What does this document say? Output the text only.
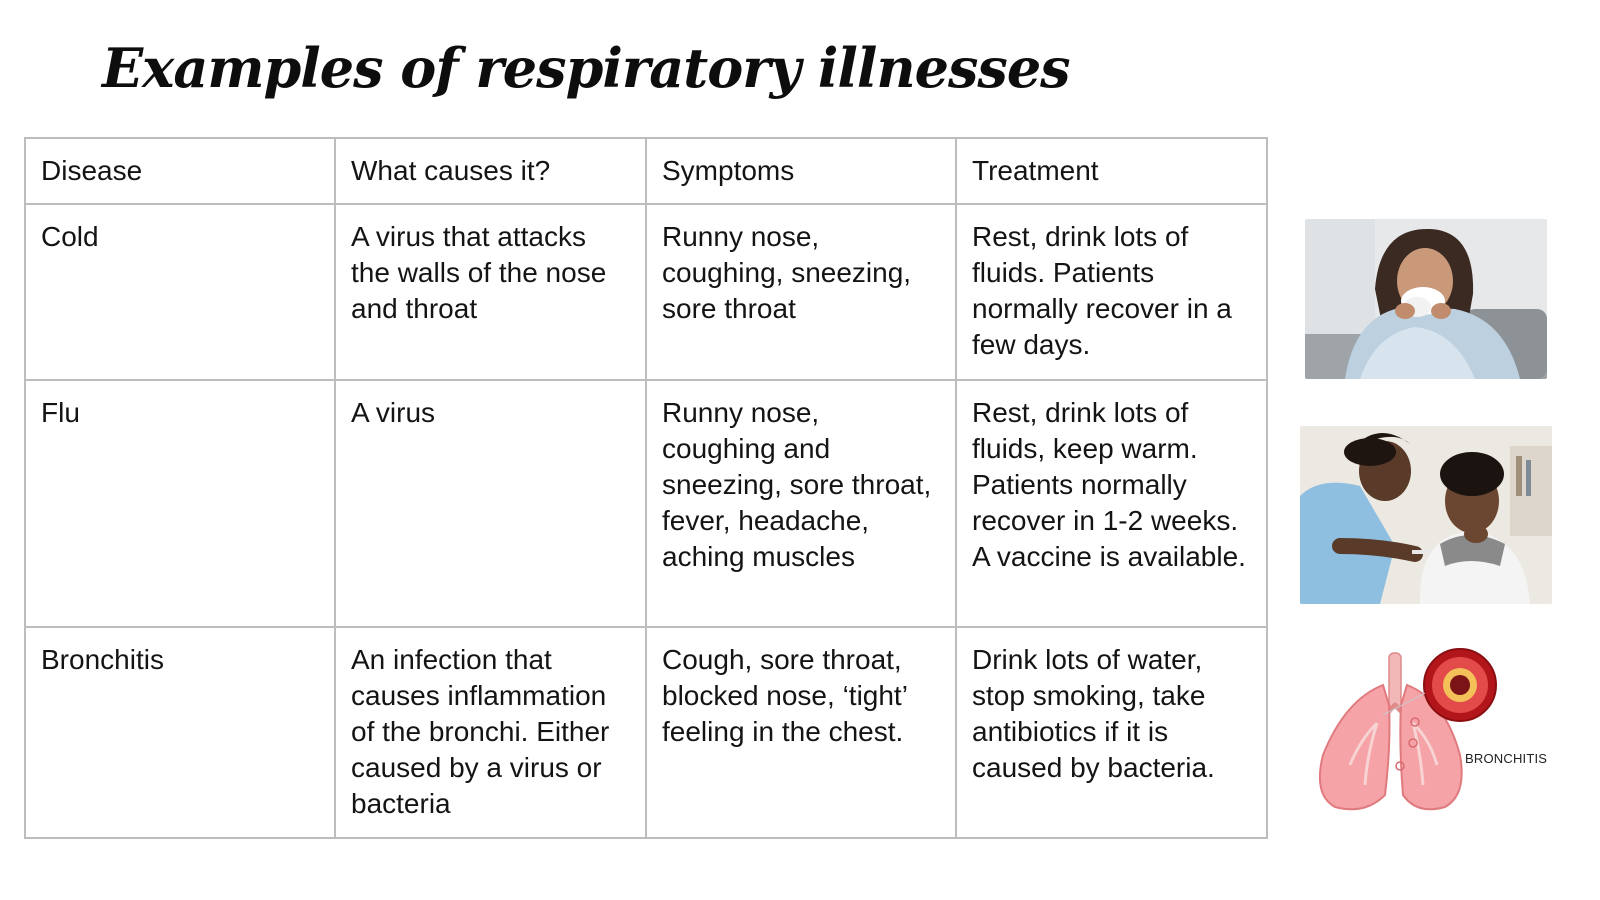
Examples of respiratory illnesses
Disease	What causes it?	Symptoms	Treatment
Cold	A virus that attacks the walls of the nose and throat	Runny nose, coughing, sneezing, sore throat	Rest, drink lots of fluids. Patients normally recover in a few days.
Flu	A virus	Runny nose, coughing and sneezing, sore throat, fever, headache, aching muscles	Rest, drink lots of fluids, keep warm. Patients normally recover in 1-2 weeks. A vaccine is available.
Bronchitis	An infection that causes inflammation of the bronchi. Either caused by a virus or bacteria	Cough, sore throat, blocked nose, ‘tight’ feeling in the chest.	Drink lots of water, stop smoking, take antibiotics if it is caused by bacteria.	BRONCHITIS
